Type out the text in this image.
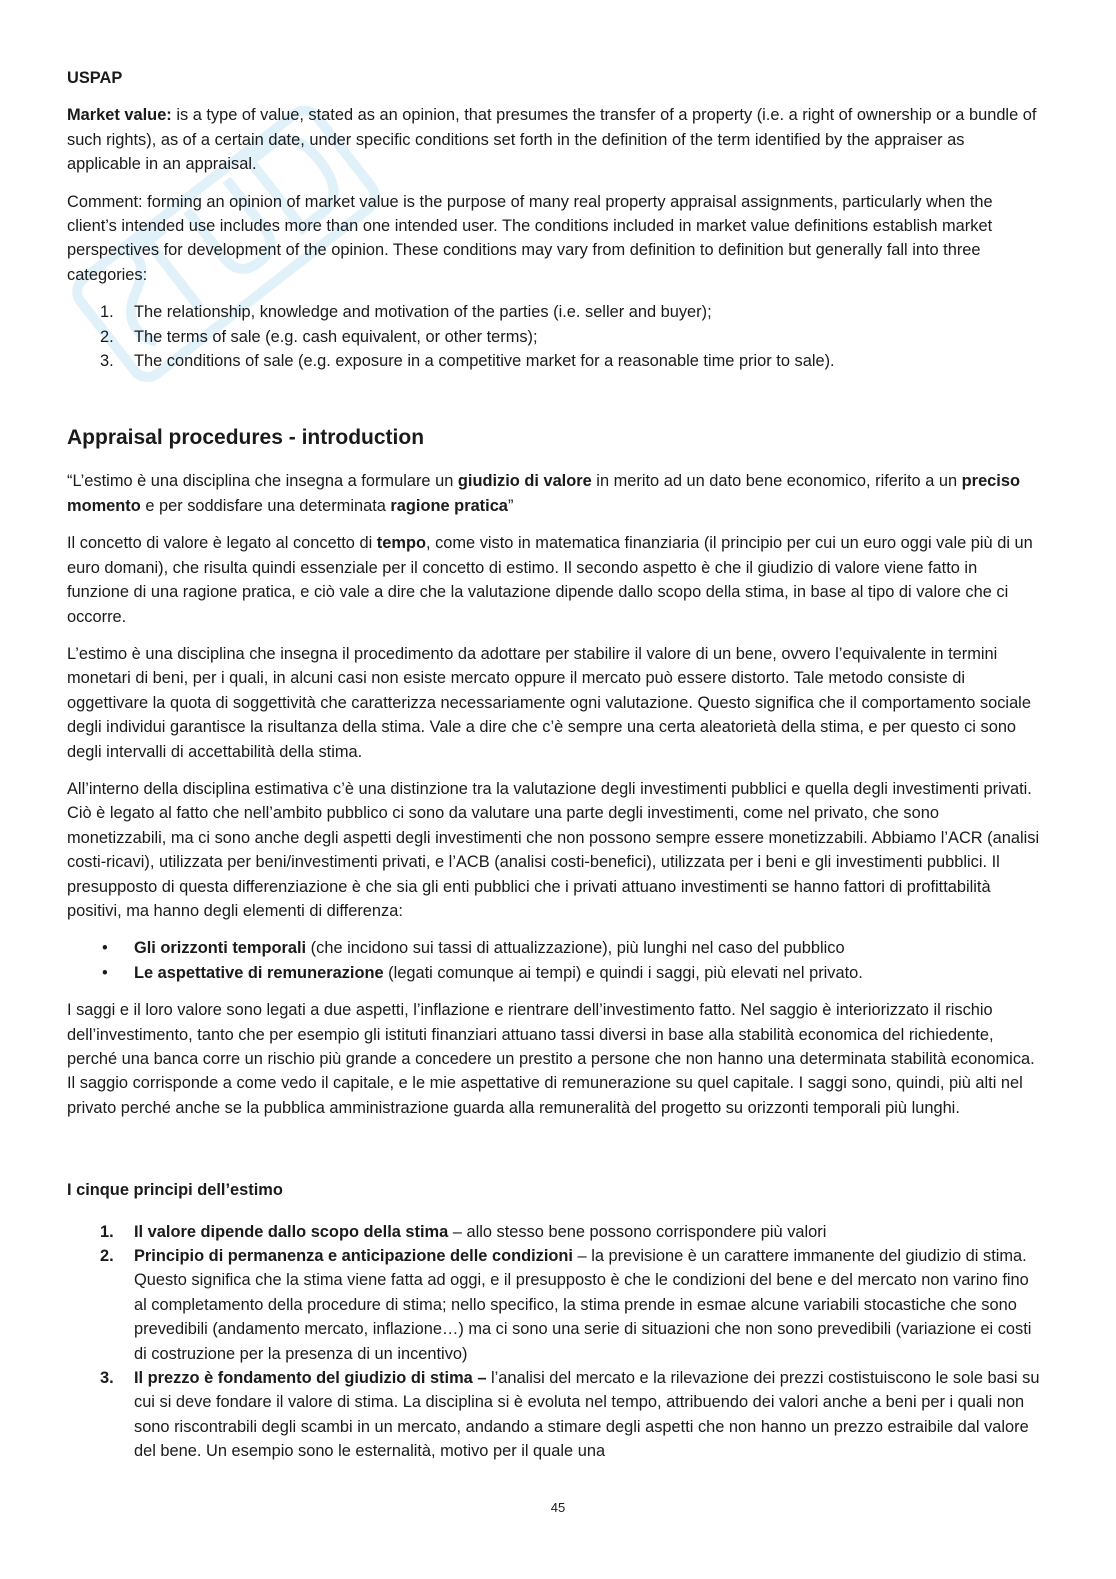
USPAP

Market value: is a type of value, stated as an opinion, that presumes the transfer of a property (i.e. a right of ownership or a bundle of such rights), as of a certain date, under specific conditions set forth in the definition of the term identified by the appraiser as applicable in an appraisal.

Comment: forming an opinion of market value is the purpose of many real property appraisal assignments, particularly when the client’s intended use includes more than one intended user. The conditions included in market value definitions establish market perspectives for development of the opinion. These conditions may vary from definition to definition but generally fall into three categories:

1. The relationship, knowledge and motivation of the parties (i.e. seller and buyer);
2. The terms of sale (e.g. cash equivalent, or other terms);
3. The conditions of sale (e.g. exposure in a competitive market for a reasonable time prior to sale).
Appraisal procedures - introduction

“L’estimo è una disciplina che insegna a formulare un giudizio di valore in merito ad un dato bene economico, riferito a un preciso momento e per soddisfare una determinata ragione pratica”

Il concetto di valore è legato al concetto di tempo, come visto in matematica finanziaria (il principio per cui un euro oggi vale più di un euro domani), che risulta quindi essenziale per il concetto di estimo. Il secondo aspetto è che il giudizio di valore viene fatto in funzione di una ragione pratica, e ciò vale a dire che la valutazione dipende dallo scopo della stima, in base al tipo di valore che ci occorre.

L’estimo è una disciplina che insegna il procedimento da adottare per stabilire il valore di un bene, ovvero l’equivalente in termini monetari di beni, per i quali, in alcuni casi non esiste mercato oppure il mercato può essere distorto. Tale metodo consiste di oggettivare la quota di soggettività che caratterizza necessariamente ogni valutazione. Questo significa che il comportamento sociale degli individui garantisce la risultanza della stima. Vale a dire che c’è sempre una certa aleatorietà della stima, e per questo ci sono degli intervalli di accettabilità della stima.

All’interno della disciplina estimativa c’è una distinzione tra la valutazione degli investimenti pubblici e quella degli investimenti privati. Ciò è legato al fatto che nell’ambito pubblico ci sono da valutare una parte degli investimenti, come nel privato, che sono monetizzabili, ma ci sono anche degli aspetti degli investimenti che non possono sempre essere monetizzabili. Abbiamo l’ACR (analisi costi-ricavi), utilizzata per beni/investimenti privati, e l’ACB (analisi costi-benefici), utilizzata per i beni e gli investimenti pubblici. Il presupposto di questa differenziazione è che sia gli enti pubblici che i privati attuano investimenti se hanno fattori di profittabilità positivi, ma hanno degli elementi di differenza:

• Gli orizzonti temporali (che incidono sui tassi di attualizzazione), più lunghi nel caso del pubblico
• Le aspettative di remunerazione (legati comunque ai tempi) e quindi i saggi, più elevati nel privato.

I saggi e il loro valore sono legati a due aspetti, l’inflazione e rientrare dell’investimento fatto. Nel saggio è interiorizzato il rischio dell’investimento, tanto che per esempio gli istituti finanziari attuano tassi diversi in base alla stabilità economica del richiedente, perché una banca corre un rischio più grande a concedere un prestito a persone che non hanno una determinata stabilità economica. Il saggio corrisponde a come vedo il capitale, e le mie aspettative di remunerazione su quel capitale. I saggi sono, quindi, più alti nel privato perché anche se la pubblica amministrazione guarda alla remuneralità del progetto su orizzonti temporali più lunghi.

I cinque principi dell’estimo
1. Il valore dipende dallo scopo della stima – allo stesso bene possono corrispondere più valori
2. Principio di permanenza e anticipazione delle condizioni – la previsione è un carattere immanente del giudizio di stima. Questo significa che la stima viene fatta ad oggi, e il presupposto è che le condizioni del bene e del mercato non varino fino al completamento della procedure di stima; nello specifico, la stima prende in esmae alcune variabili stocastiche che sono prevedibili (andamento mercato, inflazione…) ma ci sono una serie di situazioni che non sono prevedibili (variazione ei costi di costruzione per la presenza di un incentivo)
3. Il prezzo è fondamento del giudizio di stima – l’analisi del mercato e la rilevazione dei prezzi costistuiscono le sole basi su cui si deve fondare il valore di stima. La disciplina si è evoluta nel tempo, attribuendo dei valori anche a beni per i quali non sono riscontrabili degli scambi in un mercato, andando a stimare degli aspetti che non hanno un prezzo estraibile dal valore del bene. Un esempio sono le esternalità, motivo per il quale una
45
